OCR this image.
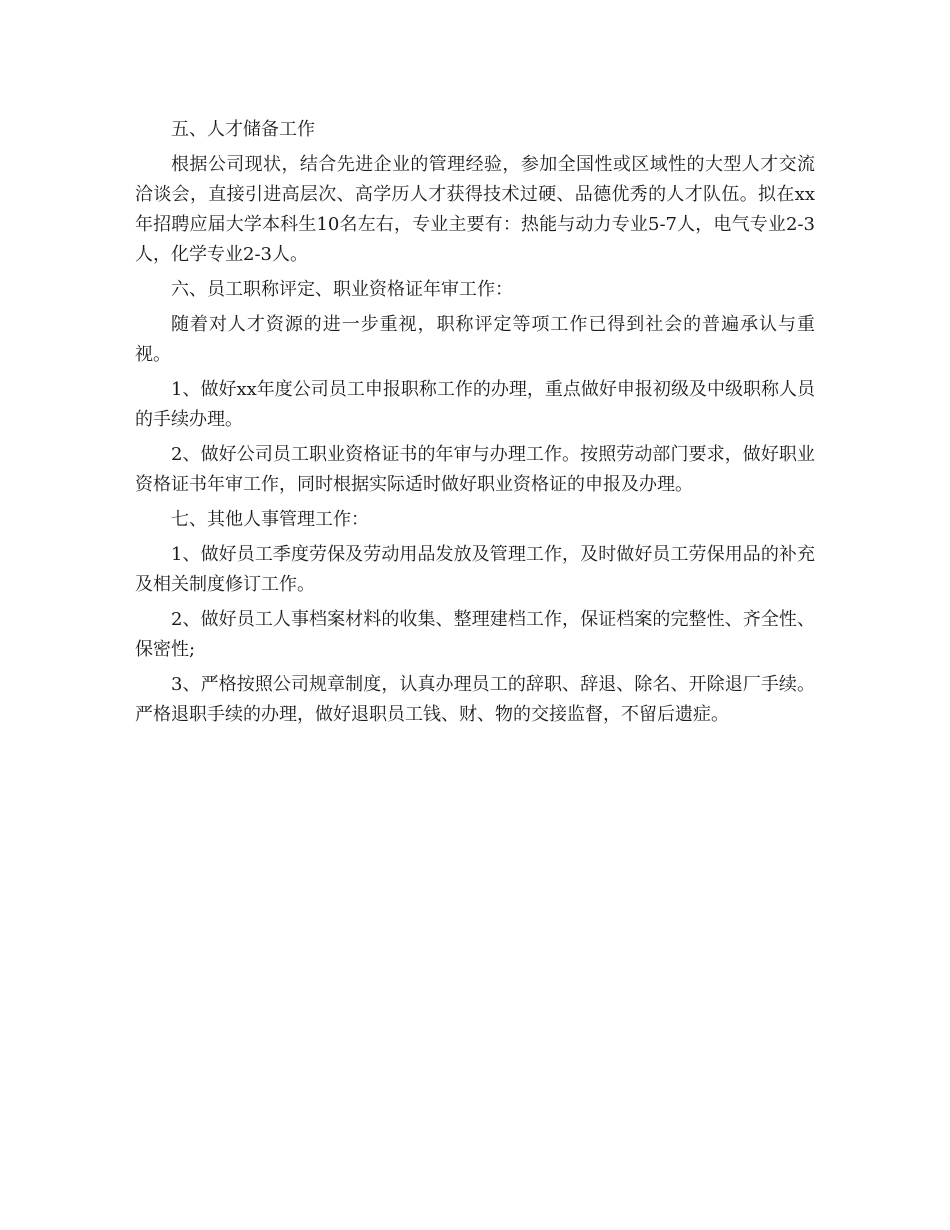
五、人才储备工作

根据公司现状，结合先进企业的管理经验，参加全国性或区域性的大型人才交流洽谈会，直接引进高层次、高学历人才获得技术过硬、品德优秀的人才队伍。拟在xx年招聘应届大学本科生10名左右，专业主要有：热能与动力专业5-7人，电气专业2-3人，化学专业2-3人。

六、员工职称评定、职业资格证年审工作：

随着对人才资源的进一步重视，职称评定等项工作已得到社会的普遍承认与重视。

1、做好xx年度公司员工申报职称工作的办理，重点做好申报初级及中级职称人员的手续办理。

2、做好公司员工职业资格证书的年审与办理工作。按照劳动部门要求，做好职业资格证书年审工作，同时根据实际适时做好职业资格证的申报及办理。

七、其他人事管理工作：

1、做好员工季度劳保及劳动用品发放及管理工作，及时做好员工劳保用品的补充及相关制度修订工作。

2、做好员工人事档案材料的收集、整理建档工作，保证档案的完整性、齐全性、保密性;

3、严格按照公司规章制度，认真办理员工的辞职、辞退、除名、开除退厂手续。严格退职手续的办理，做好退职员工钱、财、物的交接监督，不留后遗症。
